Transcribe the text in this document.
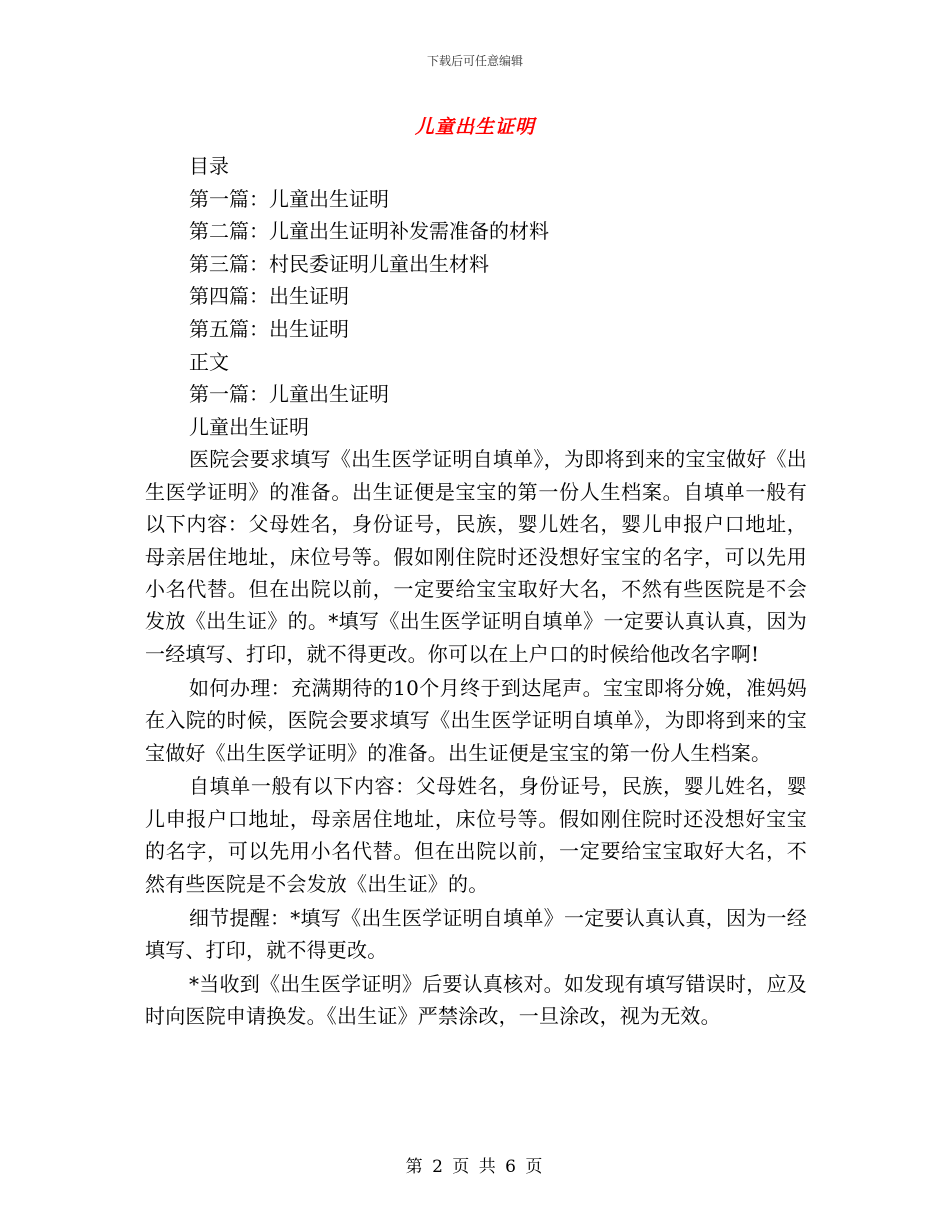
下载后可任意编辑
儿童出生证明
目录
第一篇：儿童出生证明
第二篇：儿童出生证明补发需准备的材料
第三篇：村民委证明儿童出生材料
第四篇：出生证明
第五篇：出生证明
正文
第一篇：儿童出生证明
儿童出生证明

医院会要求填写《出生医学证明自填单》，为即将到来的宝宝做好《出生医学证明》的准备。出生证便是宝宝的第一份人生档案。自填单一般有以下内容：父母姓名，身份证号，民族，婴儿姓名，婴儿申报户口地址，母亲居住地址，床位号等。假如刚住院时还没想好宝宝的名字，可以先用小名代替。但在出院以前，一定要给宝宝取好大名，不然有些医院是不会发放《出生证》的。*填写《出生医学证明自填单》一定要认真认真，因为一经填写、打印，就不得更改。你可以在上户口的时候给他改名字啊!

如何办理：充满期待的10个月终于到达尾声。宝宝即将分娩，准妈妈在入院的时候，医院会要求填写《出生医学证明自填单》，为即将到来的宝宝做好《出生医学证明》的准备。出生证便是宝宝的第一份人生档案。

自填单一般有以下内容：父母姓名，身份证号，民族，婴儿姓名，婴儿申报户口地址，母亲居住地址，床位号等。假如刚住院时还没想好宝宝的名字，可以先用小名代替。但在出院以前，一定要给宝宝取好大名，不然有些医院是不会发放《出生证》的。

细节提醒：*填写《出生医学证明自填单》一定要认真认真，因为一经填写、打印，就不得更改。

*当收到《出生医学证明》后要认真核对。如发现有填写错误时，应及时向医院申请换发。《出生证》严禁涂改，一旦涂改，视为无效。

第 2 页 共 6 页
